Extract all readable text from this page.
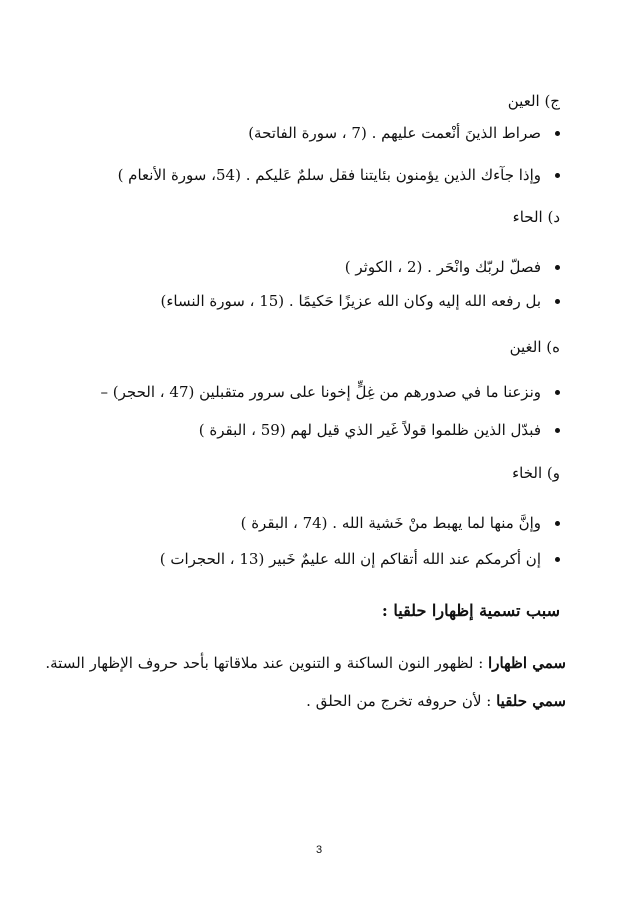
ج) العين
صراط الذينَ أنْعمت عليهم . (7 ، سورة الفاتحة)
وإذا جآءك الذين يؤمنون بئايتنا فقل سلمٌ عَليكم . (54، سورة الأنعام )
د) الحاء
فصلّ لربّك وانْحَر . (2 ، الكوثر )
بل رفعه الله إليه وكان الله عزيزًا حَكيمًا . (15 ، سورة النساء)
ه) الغين
ونزعنا ما في صدورهم من غِلٍّ إخونا على سرور متقبلين (47 ، الحجر) –
فبدّل الذين ظلموا قولاً غَير الذي قيل لهم (59 ، البقرة )
و) الخاء
وإنَّ منها لما يهبط منْ خَشية الله . (74 ، البقرة )
إن أكرمكم عند الله أتقاكم إن الله عليمٌ خَبير (13 ، الحجرات )
سبب تسمية إظهارا حلقيا :
سمي اظهارا : لظهور النون الساكنة و التنوين عند ملاقاتها بأحد حروف الإظهار الستة.
سمي حلقيا : لأن حروفه تخرج من الحلق .
3
